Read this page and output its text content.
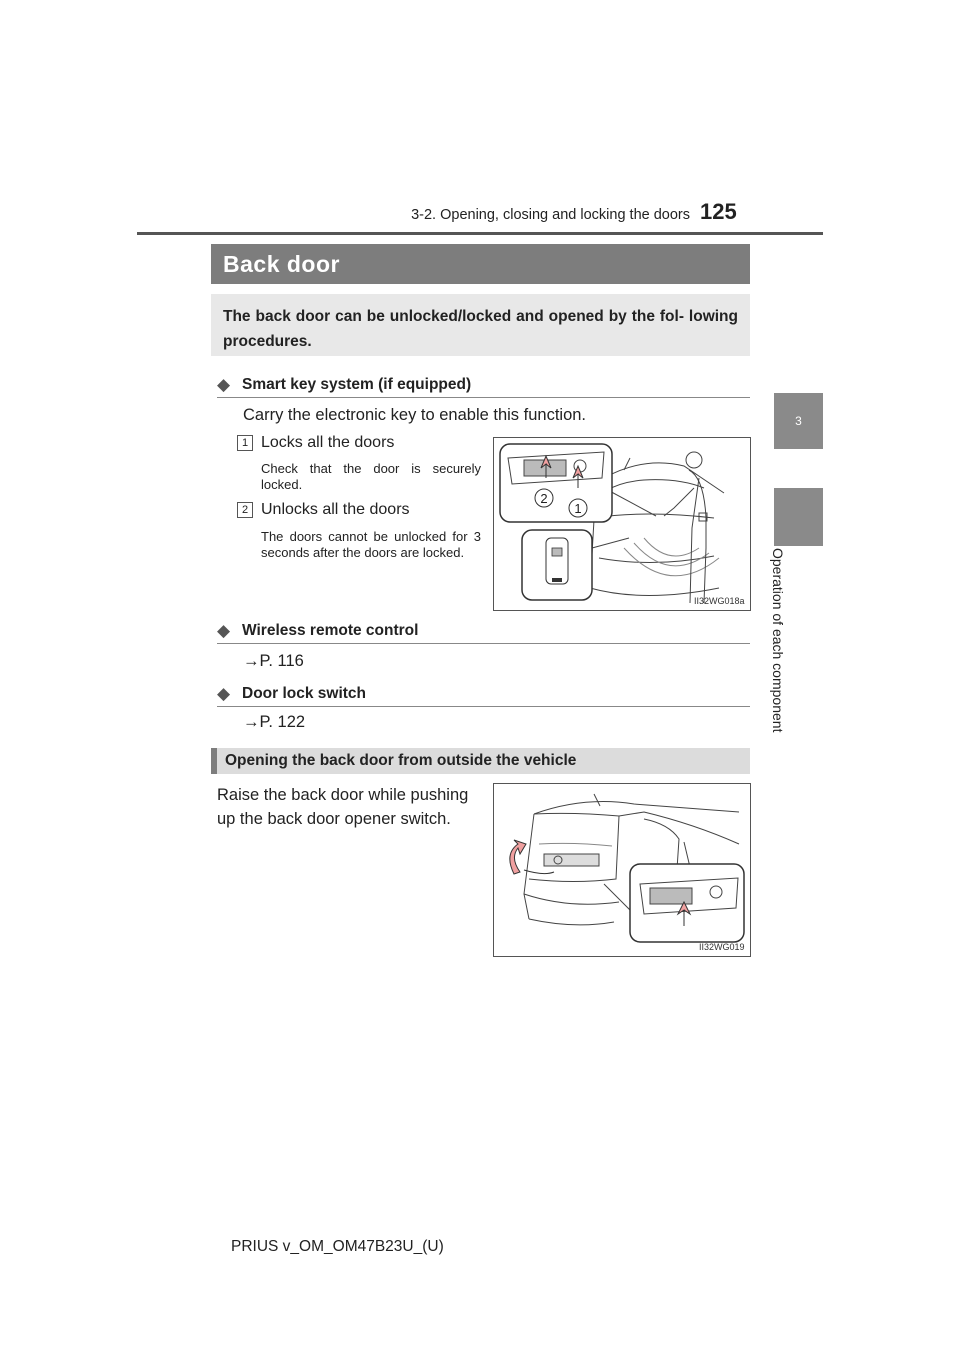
3-2. Opening, closing and locking the doors 125
3
Operation of each component
Back door

The back door can be unlocked/locked and opened by the fol- lowing procedures.

◆ Smart key system (if equipped)
Carry the electronic key to enable this function.
1 Locks all the doors
Check that the door is securely locked.
2 Unlocks all the doors
The doors cannot be unlocked for 3 seconds after the doors are locked.
2
1
II32WG018a
◆ Wireless remote control
→P. 116
◆ Door lock switch
→P. 122
Opening the back door from outside the vehicle
Raise the back door while pushing up the back door opener switch.
II32WG019
PRIUS v_OM_OM47B23U_(U)
